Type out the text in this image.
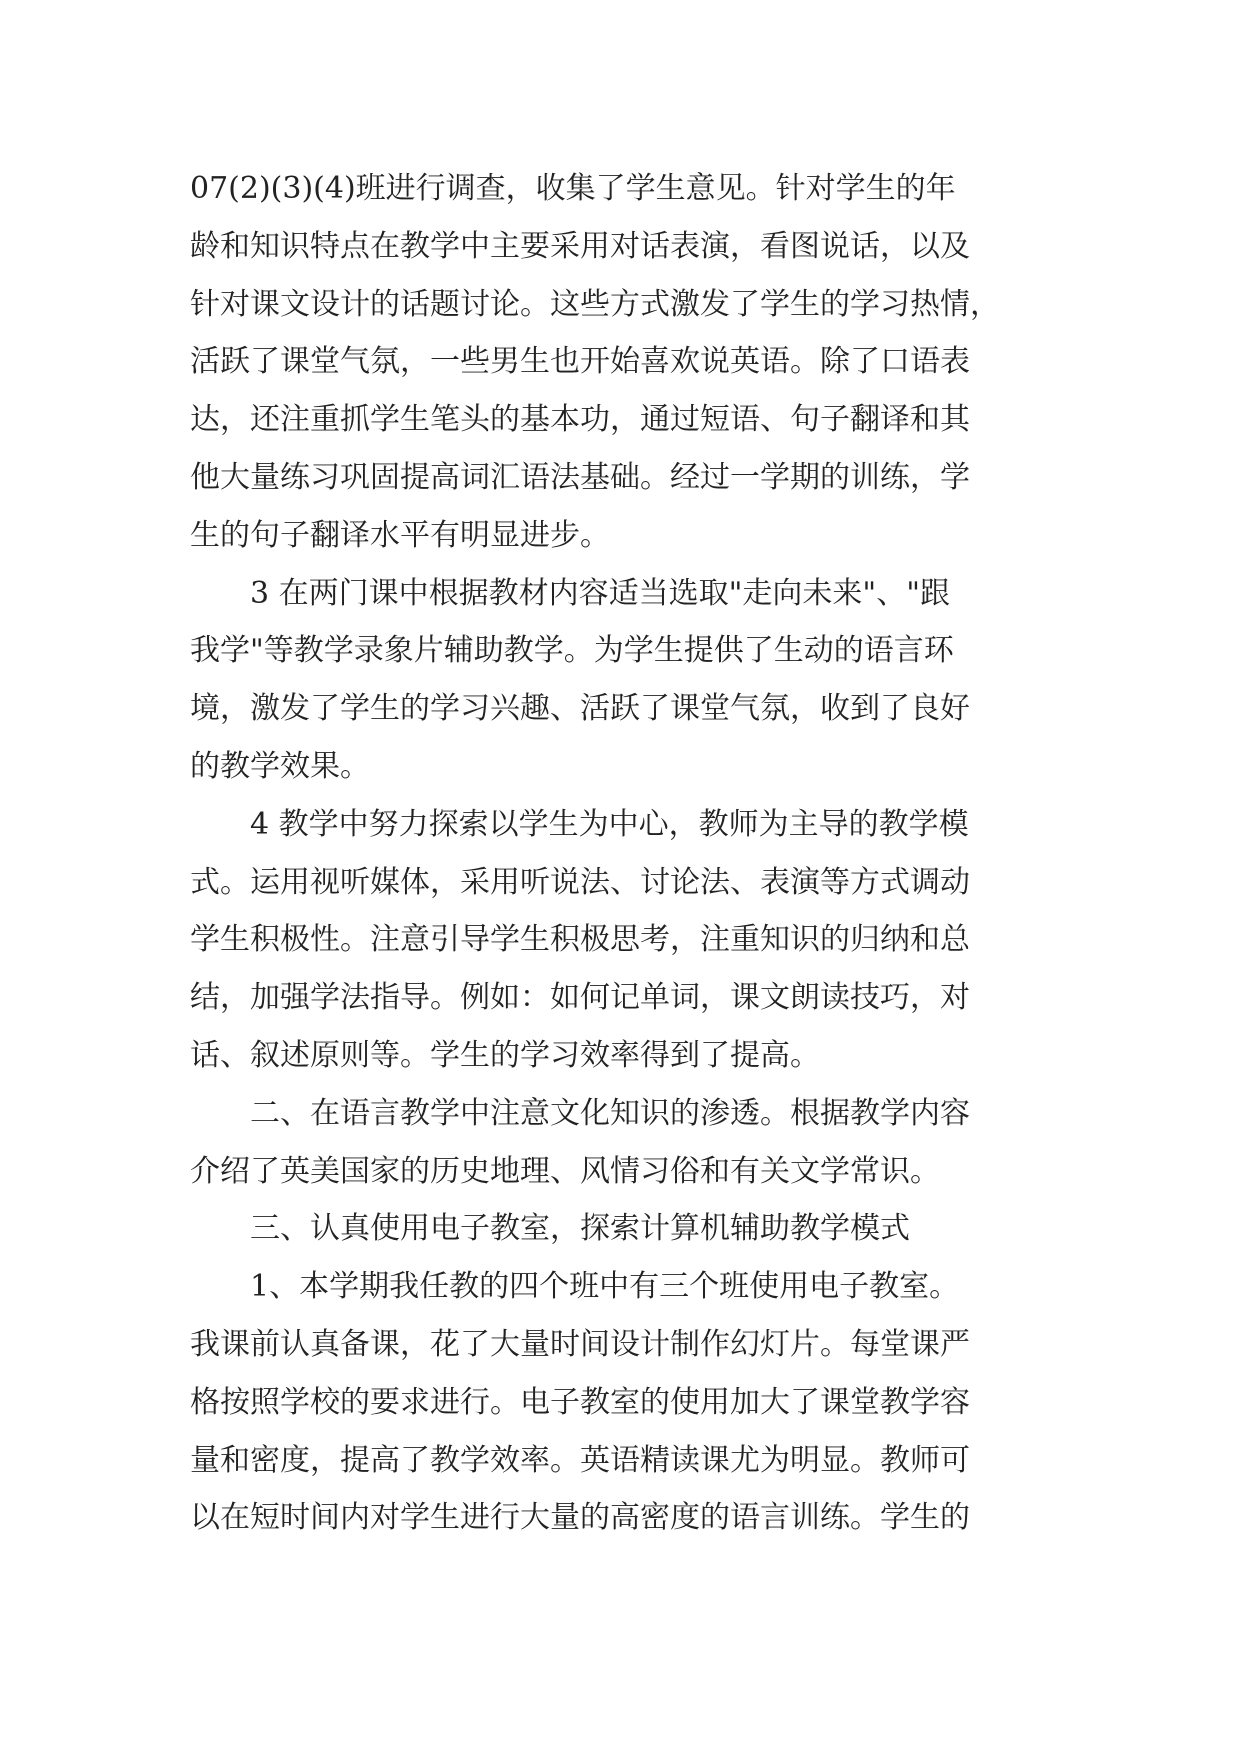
07(2)(3)(4)班进行调查，收集了学生意见。针对学生的年
龄和知识特点在教学中主要采用对话表演，看图说话，以及
针对课文设计的话题讨论。这些方式激发了学生的学习热情，
活跃了课堂气氛，一些男生也开始喜欢说英语。除了口语表
达，还注重抓学生笔头的基本功，通过短语、句子翻译和其
他大量练习巩固提高词汇语法基础。经过一学期的训练，学
生的句子翻译水平有明显进步。
　　3 在两门课中根据教材内容适当选取"走向未来"、"跟
我学"等教学录象片辅助教学。为学生提供了生动的语言环
境，激发了学生的学习兴趣、活跃了课堂气氛，收到了良好
的教学效果。
　　4 教学中努力探索以学生为中心，教师为主导的教学模
式。运用视听媒体，采用听说法、讨论法、表演等方式调动
学生积极性。注意引导学生积极思考，注重知识的归纳和总
结，加强学法指导。例如：如何记单词，课文朗读技巧，对
话、叙述原则等。学生的学习效率得到了提高。
　　二、在语言教学中注意文化知识的渗透。根据教学内容
介绍了英美国家的历史地理、风情习俗和有关文学常识。
　　三、认真使用电子教室，探索计算机辅助教学模式
　　1、本学期我任教的四个班中有三个班使用电子教室。
我课前认真备课，花了大量时间设计制作幻灯片。每堂课严
格按照学校的要求进行。电子教室的使用加大了课堂教学容
量和密度，提高了教学效率。英语精读课尤为明显。教师可
以在短时间内对学生进行大量的高密度的语言训练。学生的
